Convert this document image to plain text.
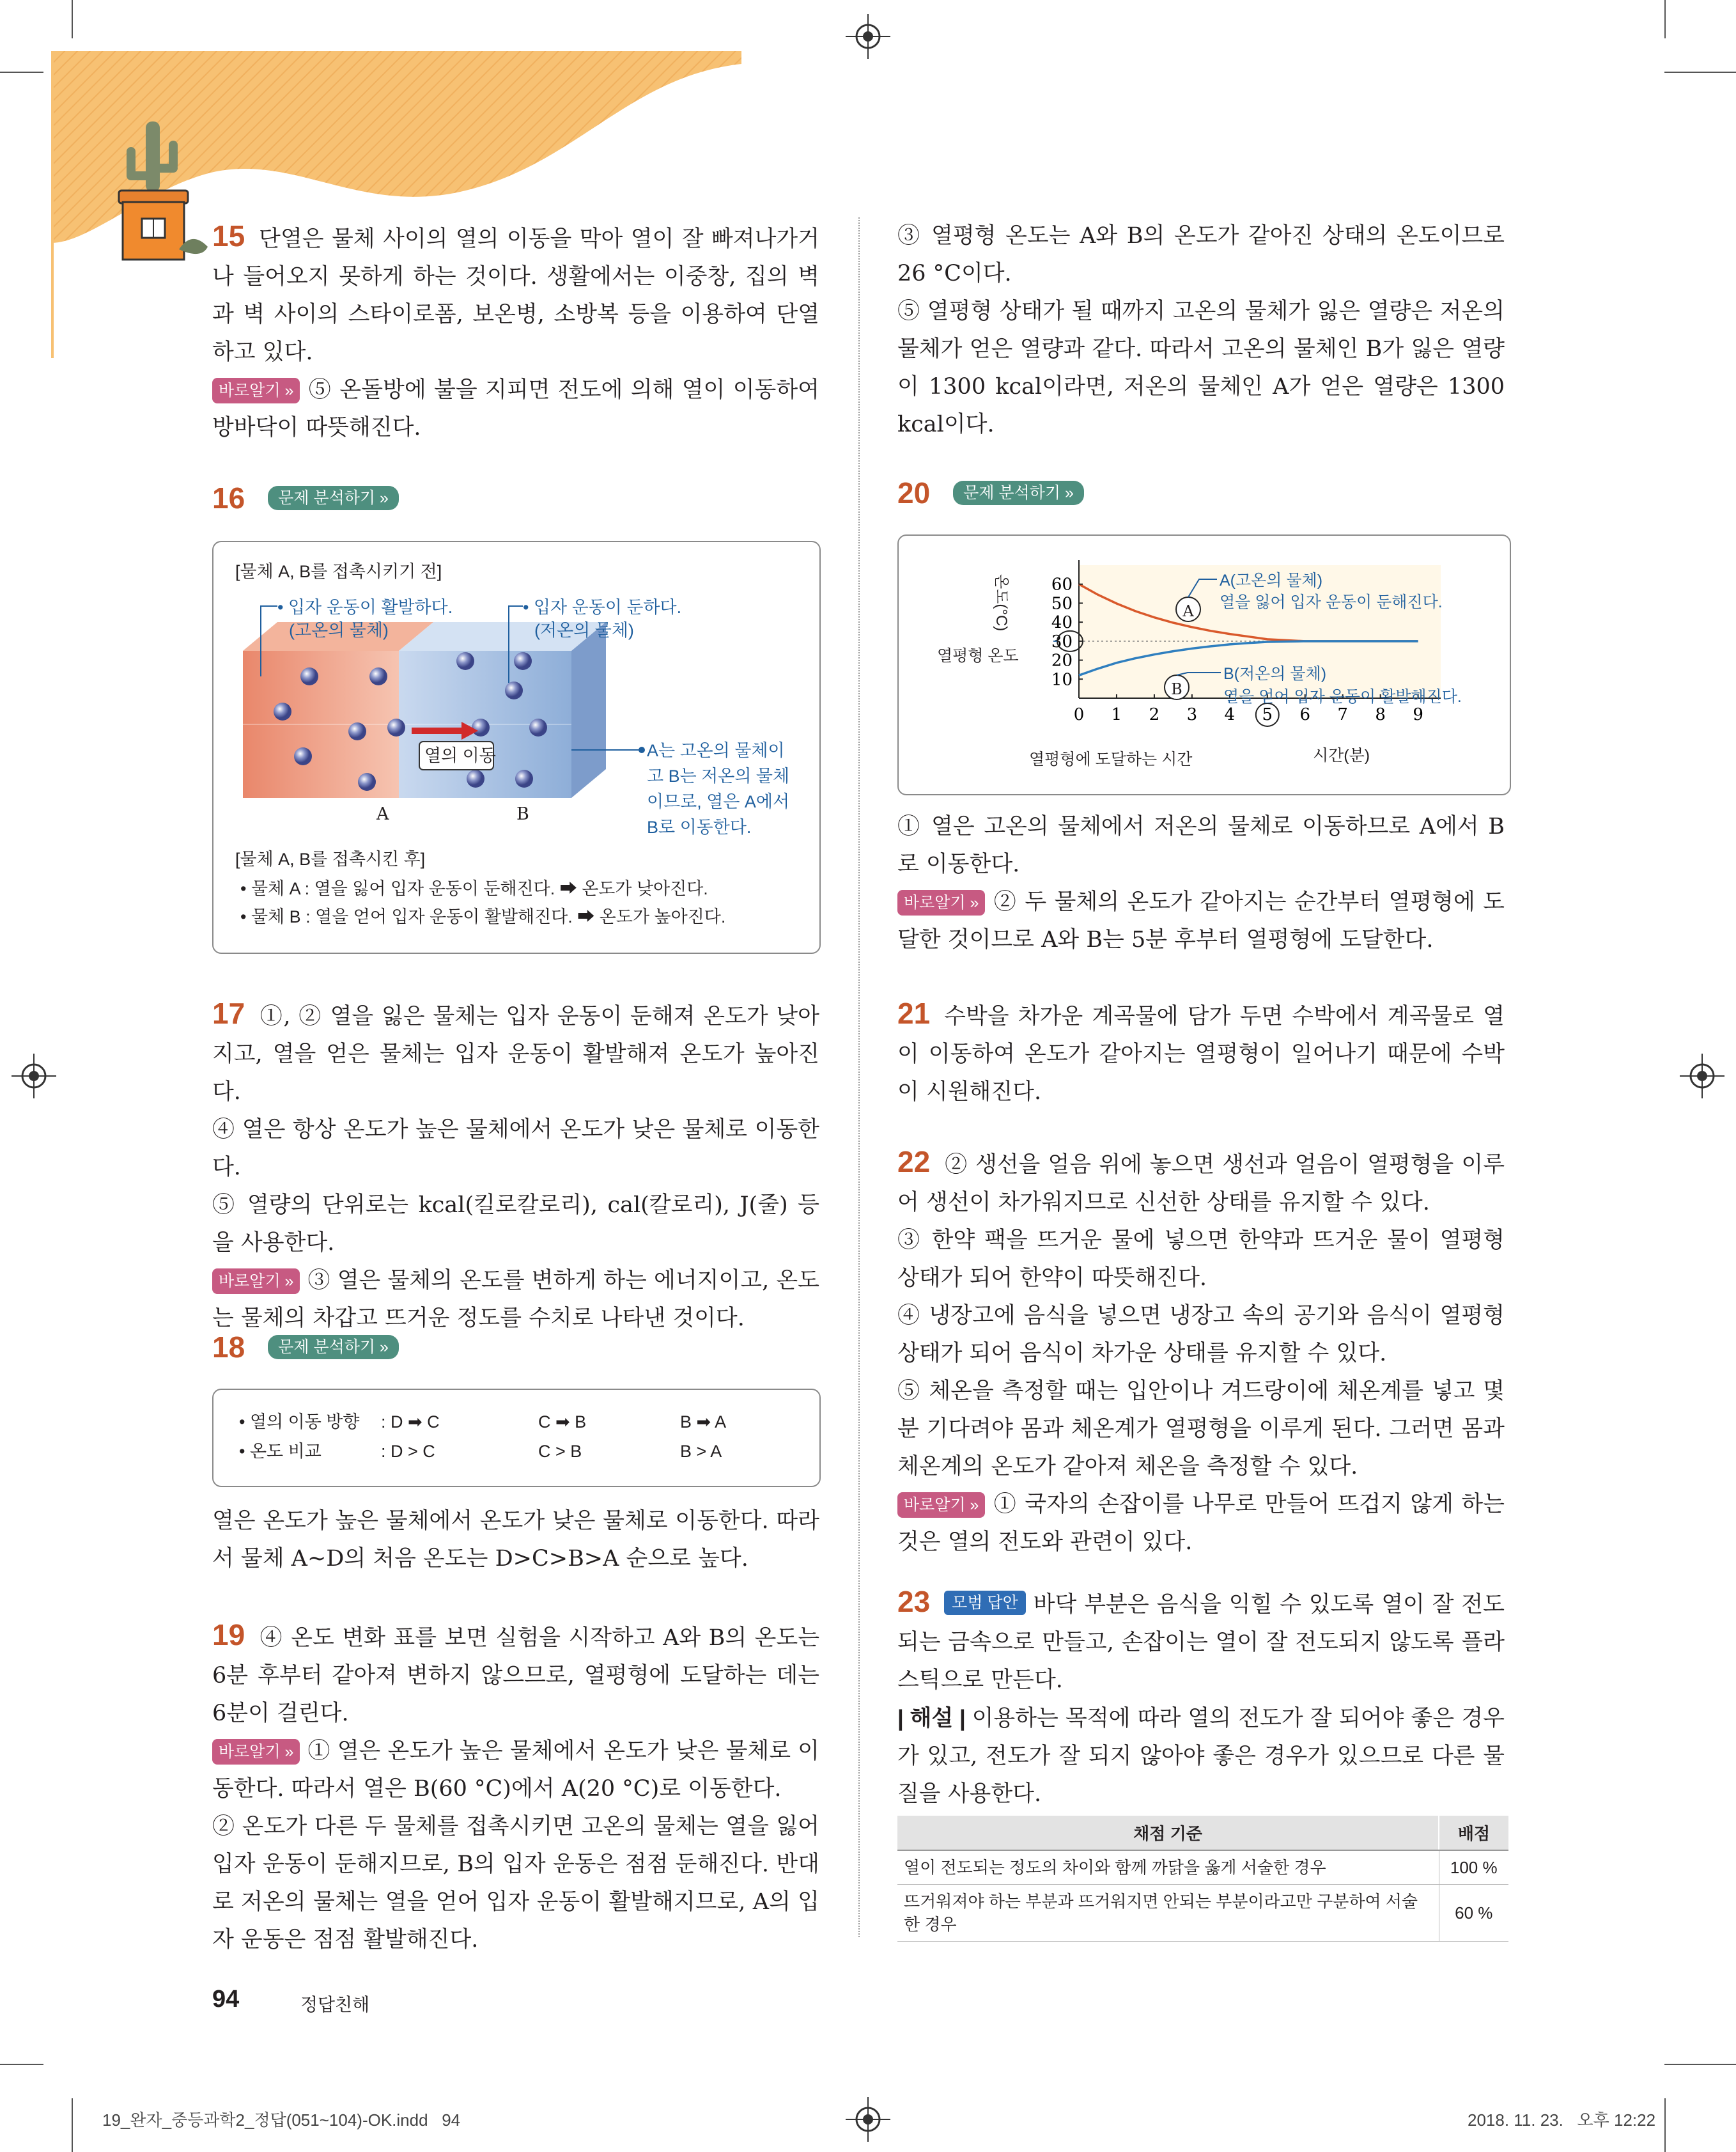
15 단열은 물체 사이의 열의 이동을 막아 열이 잘 빠져나가거나 들어오지 못하게 하는 것이다. 생활에서는 이중창, 집의 벽과 벽 사이의 스타이로폼, 보온병, 소방복 등을 이용하여 단열하고 있다.
바로알기 » ⑤ 온돌방에 불을 지피면 전도에 의해 열이 이동하여 방바닥이 따뜻해진다.
16 문제 분석하기 »
[물체 A, B를 접촉시키기 전]
• 입자 운동이 활발하다.
(고온의 물체)
• 입자 운동이 둔하다.
(저온의 물체)
열의 이동	A는 고온의 물체이
고 B는 저온의 물체
이므로, 열은 A에서
B로 이동한다.
A	B
[물체 A, B를 접촉시킨 후]
• 물체 A : 열을 잃어 입자 운동이 둔해진다. ➡ 온도가 낮아진다.
• 물체 B : 열을 얻어 입자 운동이 활발해진다. ➡ 온도가 높아진다.
17 ①, ② 열을 잃은 물체는 입자 운동이 둔해져 온도가 낮아지고, 열을 얻은 물체는 입자 운동이 활발해져 온도가 높아진다.
④ 열은 항상 온도가 높은 물체에서 온도가 낮은 물체로 이동한다.
⑤ 열량의 단위로는 kcal(킬로칼로리), cal(칼로리), J(줄) 등을 사용한다.
바로알기 » ③ 열은 물체의 온도를 변하게 하는 에너지이고, 온도는 물체의 차갑고 뜨거운 정도를 수치로 나타낸 것이다.
18 문제 분석하기 »
• 열의 이동 방향 : D ➡ C	C ➡ B	B ➡ A
• 온도 비교	: D > C	C > B	B > A
열은 온도가 높은 물체에서 온도가 낮은 물체로 이동한다. 따라서 물체 A~D의 처음 온도는 D>C>B>A 순으로 높다.
19 ④ 온도 변화 표를 보면 실험을 시작하고 A와 B의 온도는 6분 후부터 같아져 변하지 않으므로, 열평형에 도달하는 데는 6분이 걸린다.
바로알기 » ① 열은 온도가 높은 물체에서 온도가 낮은 물체로 이동한다. 따라서 열은 B(60 °C)에서 A(20 °C)로 이동한다.
② 온도가 다른 두 물체를 접촉시키면 고온의 물체는 열을 잃어 입자 운동이 둔해지므로, B의 입자 운동은 점점 둔해진다. 반대로 저온의 물체는 열을 얻어 입자 운동이 활발해지므로, A의 입자 운동은 점점 활발해진다.
③ 열평형 온도는 A와 B의 온도가 같아진 상태의 온도이므로 26 °C이다.
⑤ 열평형 상태가 될 때까지 고온의 물체가 잃은 열량은 저온의 물체가 얻은 열량과 같다. 따라서 고온의 물체인 B가 잃은 열량이 1300 kcal이라면, 저온의 물체인 A가 얻은 열량은 1300 kcal이다.
20 문제 분석하기 »
0 1 2 3 4 5 6 7 8 9
10
20
30
40
50
60
온도(°C)
시간(분)
열평형 온도
열평형에 도달하는 시간
A(고온의 물체)
열을 잃어 입자 운동이 둔해진다.
B(저온의 물체)
열을 얻어 입자 운동이 활발해진다.
A
B
① 열은 고온의 물체에서 저온의 물체로 이동하므로 A에서 B로 이동한다.
바로알기 » ② 두 물체의 온도가 같아지는 순간부터 열평형에 도달한 것이므로 A와 B는 5분 후부터 열평형에 도달한다.
21 수박을 차가운 계곡물에 담가 두면 수박에서 계곡물로 열이 이동하여 온도가 같아지는 열평형이 일어나기 때문에 수박이 시원해진다.
22 ② 생선을 얼음 위에 놓으면 생선과 얼음이 열평형을 이루어 생선이 차가워지므로 신선한 상태를 유지할 수 있다.
③ 한약 팩을 뜨거운 물에 넣으면 한약과 뜨거운 물이 열평형 상태가 되어 한약이 따뜻해진다.
④ 냉장고에 음식을 넣으면 냉장고 속의 공기와 음식이 열평형 상태가 되어 음식이 차가운 상태를 유지할 수 있다.
⑤ 체온을 측정할 때는 입안이나 겨드랑이에 체온계를 넣고 몇 분 기다려야 몸과 체온계가 열평형을 이루게 된다. 그러면 몸과 체온계의 온도가 같아져 체온을 측정할 수 있다.
바로알기 » ① 국자의 손잡이를 나무로 만들어 뜨겁지 않게 하는 것은 열의 전도와 관련이 있다.
23 모범 답안 바닥 부분은 음식을 익힐 수 있도록 열이 잘 전도되는 금속으로 만들고, 손잡이는 열이 잘 전도되지 않도록 플라스틱으로 만든다.
| 해설 | 이용하는 목적에 따라 열의 전도가 잘 되어야 좋은 경우가 있고, 전도가 잘 되지 않아야 좋은 경우가 있으므로 다른 물질을 사용한다.
채점 기준	배점
열이 전도되는 정도의 차이와 함께 까닭을 옳게 서술한 경우	100 %
뜨거워져야 하는 부분과 뜨거워지면 안되는 부분이라고만 구분하여 서술한 경우	60 %
94	정답친해
19_완자_중등과학2_정답(051~104)-OK.indd   94	2018. 11. 23.   오후 12:22
